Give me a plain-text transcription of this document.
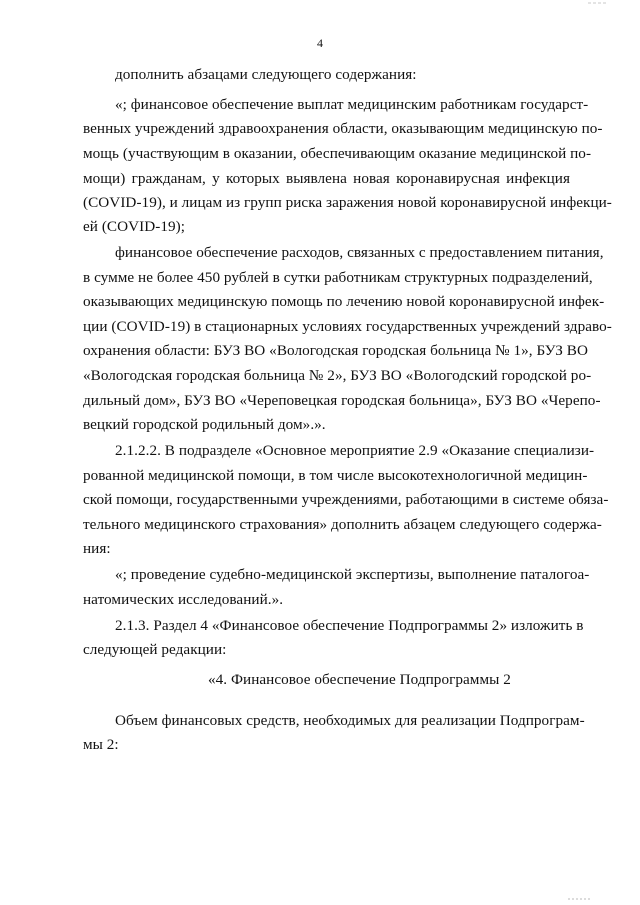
4
дополнить абзацами следующего содержания:
«; финансовое обеспечение выплат медицинским работникам государст-
венных учреждений здравоохранения области, оказывающим медицинскую по-
мощь (участвующим в оказании, обеспечивающим оказание медицинской по-
мощи) гражданам, у которых выявлена новая коронавирусная инфекция
(COVID-19), и лицам из групп риска заражения новой коронавирусной инфекци-
ей (COVID-19);
финансовое обеспечение расходов, связанных с предоставлением питания,
в сумме не более 450 рублей в сутки работникам структурных подразделений,
оказывающих медицинскую помощь по лечению новой коронавирусной инфек-
ции (COVID-19) в стационарных условиях государственных учреждений здраво-
охранения области: БУЗ ВО «Вологодская городская больница № 1», БУЗ ВО
«Вологодская городская больница № 2», БУЗ ВО «Вологодский городской ро-
дильный дом», БУЗ ВО «Череповецкая городская больница», БУЗ ВО «Черепо-
вецкий городской родильный дом».».
2.1.2.2. В подразделе «Основное мероприятие 2.9 «Оказание специализи-
рованной медицинской помощи, в том числе высокотехнологичной медицин-
ской помощи, государственными учреждениями, работающими в системе обяза-
тельного медицинского страхования» дополнить абзацем следующего содержа-
ния:
«; проведение судебно-медицинской экспертизы, выполнение паталогоа-
натомических исследований.».
2.1.3. Раздел 4 «Финансовое обеспечение Подпрограммы 2» изложить в
следующей редакции:
«4. Финансовое обеспечение Подпрограммы 2
Объем финансовых средств, необходимых для реализации Подпрограм-
мы 2:
